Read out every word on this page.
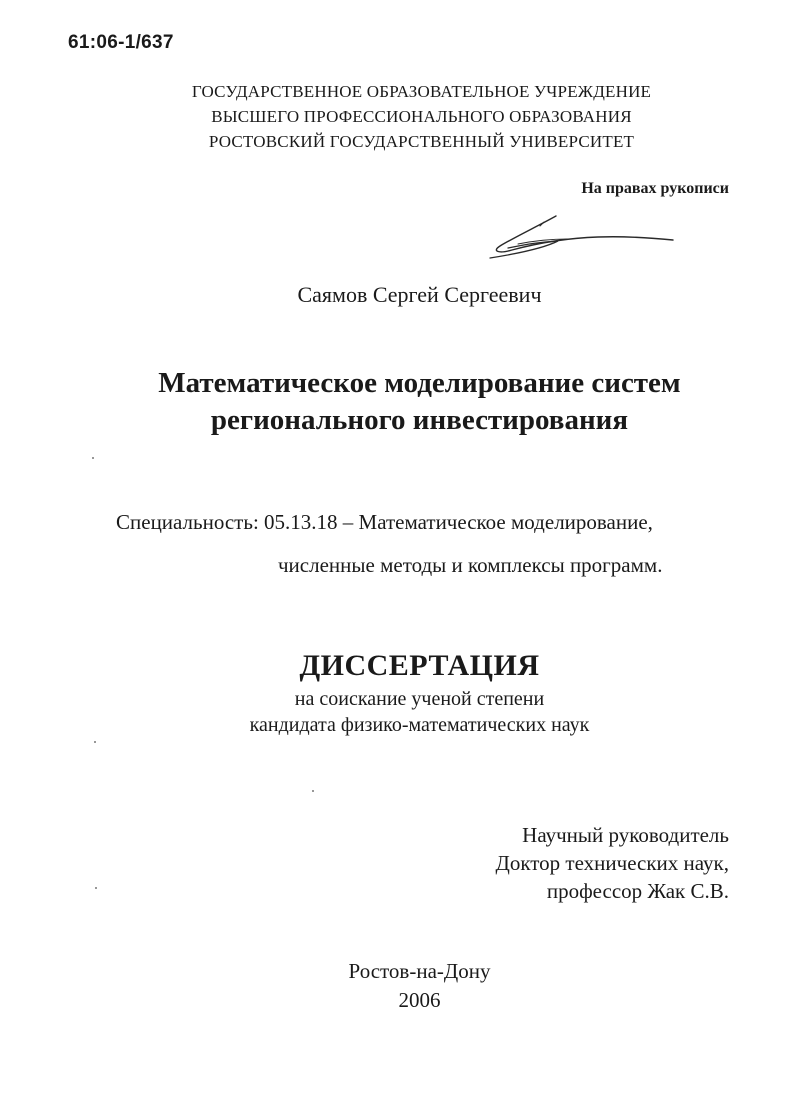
61:06-1/637
ГОСУДАРСТВЕННОЕ ОБРАЗОВАТЕЛЬНОЕ УЧРЕЖДЕНИЕ
ВЫСШЕГО ПРОФЕССИОНАЛЬНОГО ОБРАЗОВАНИЯ
РОСТОВСКИЙ ГОСУДАРСТВЕННЫЙ УНИВЕРСИТЕТ
На правах рукописи
Саямов Сергей Сергеевич
Математическое моделирование систем
регионального инвестирования
Специальность: 05.13.18 – Математическое моделирование,
численные методы и комплексы программ.
ДИССЕРТАЦИЯ
на соискание ученой степени
кандидата физико-математических наук
Научный руководитель
Доктор технических наук,
профессор Жак С.В.
Ростов-на-Дону
2006
